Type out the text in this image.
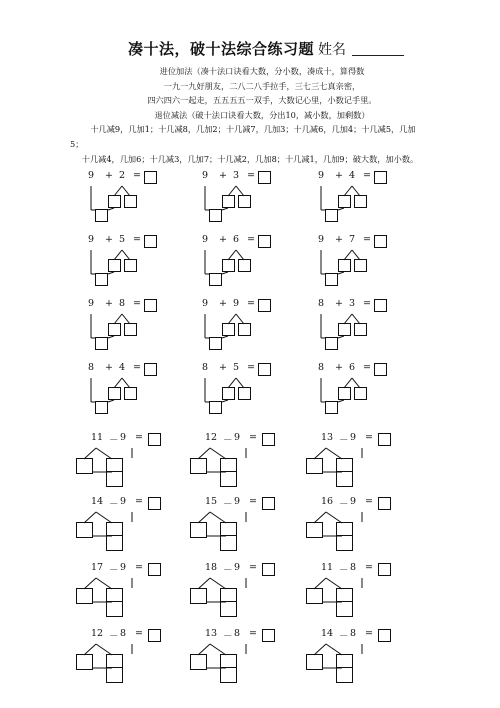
凑十法，破十法综合练习题 姓名
进位加法（凑十法口诀看大数，分小数，凑成十，算得数
一九一九好朋友，二八二八手拉手，三七三七真亲密，
四六四六一起走，五五五五一双手，大数记心里，小数记手里。
退位减法（破十法口诀看大数，分出10，减小数，加剩数）
十几减9，几加1；十几减8，几加2；十几减7，几加3；十几减6，几加4；十几减5，几加
5；
十几减4，几加6；十几减3，几加7；十几减2，几加8；十几减1，几加9；破大数，加小数。
9 + 2 =	9 + 3 =	9 + 4 =
9 + 5 =	9 + 6 =	9 + 7 =
9 + 8 =	9 + 9 =	8 + 3 =
8 + 4 =	8 + 5 =	8 + 6 =
11 － 9 =	12 － 9 =	13 － 9 =
14 － 9 =	15 － 9 =	16 － 9 =
17 － 9 =	18 － 9 =	11 － 8 =
12 － 8 =	13 － 8 =	14 － 8 =
